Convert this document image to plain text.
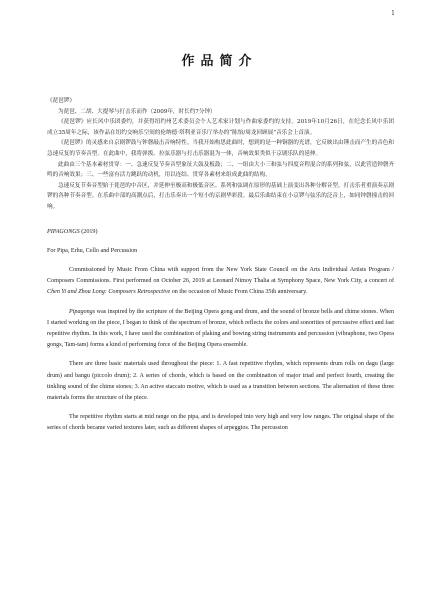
1
作品简介

《琵琶锣》

为琵琶、二胡、大提琴与打击乐而作（2009年，时长约7分钟）

《琵琶锣》应长风中乐团委约，并获得纽约州艺术委员会个人艺术家计划与作曲家委约的支持。2019年10月26日，在纪念长风中乐团成立35周年之际，该作品在纽约交响乐空间的伦纳德·塔利亚音乐厅举办的“陈怡/周龙回顾展”音乐会上首演。

《琵琶锣》的灵感来自京剧锣鼓与钟磬敲击音响特性。当我开始构思此曲时，想到的是一种铜器的光谱，它反映出由锤击而产生的音色和急速反复的节奏音型。在此曲中，我将弹拨、拉弦乐器与打击乐器混为一体，音响效果类似于京剧乐队的延伸。

此曲由三个基本素材贯穿：一、急速反复节奏音型象征大鼓及板鼓；二、一组由大小三和弦与四度音程混合的系列和弦，以此营造钟磬齐鸣的音响效果；三、一些富有活力跳跃的动机，用以连结、贯穿各素材来组成此曲的结构。

急速反复节奏音型始于琵琶的中音区，并延伸至极高和极低音区。系列和弦调在原形的基础上演变出各种分解音型。打击乐者重演奏京剧锣的各种节奏音型。在乐曲中部的高潮点后，打击乐奏出一个短小的京剧华彩段。最后乐曲结束在小京锣与弦乐的泛音上，如同钟磬撞击的回响。

PIPAGONGS (2019)

For Pipa, Erhu, Cello and Percussion

Commissioned by Music From China with support from the New York State Council on the Arts Individual Artists Program / Composers Commissions. First performed on October 26, 2019 at Leonard Nimoy Thalia at Symphony Space, New York City, a concert of Chen Yi and Zhou Long: Composers Retrospective on the occasion of Music From China 35th anniversary.

Pipagongs was inspired by the scripture of the Beijing Opera gong and drum, and the sound of bronze bells and chime stones. When I started working on the piece, I began to think of the spectrum of bronze, which reflects the colors and sonorities of percussive effect and fast repetitive rhythm. In this work, I have used the combination of plaking and bowing string instruments and percussion (vibraphone, two Opera gongs, Tam-tam) forms a kind of performing force of the Beijing Opera ensemble.

There are three basic materials used throughout the piece: 1. A fast repetitive rhythm, which represents drum rolls on dagu (large drum) and bangu (piccolo drum); 2. A series of chords, which is based on the combination of major triad and perfect fourth, creating the tinkling sound of the chime stones; 3. An active staccato motive, which is used as a transition between sections. The alternation of these three materials forms the structure of the piece.

The repetitive rhythm starts at mid range on the pipa, and is developed into very high and very low ranges. The original shape of the series of chords became varied textures later, such as different shapes of arpeggios. The percussion
